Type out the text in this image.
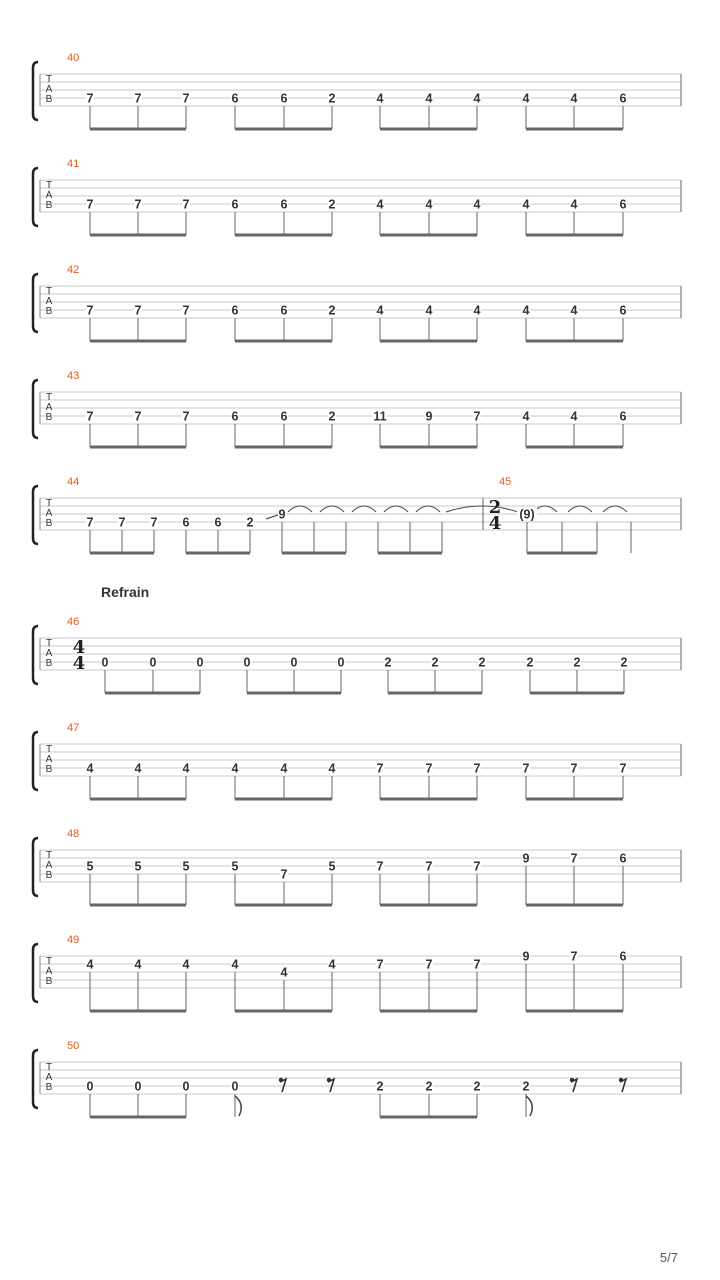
T
A
B
40
7	7	7	6	6	2	4	4	4	4	4	6
T
A
B
41
7	7	7	6	6	2	4	4	4	4	4	6
T
A
B
42
7	7	7	6	6	2	4	4	4	4	4	6
T
A
B
43
7	7	7	6	6	2	11	9	7	4	4	6
T
A
B
44	45
7 7 7 6 6 2
9	2
4 (9)
T
A
B
46
0	0	0	0	0	0	2	2	2	2	2	2
4
4
T
A
B
47
4	4	4	4	4	4	7	7	7	7	7	7
T
A
B
48
5	5	5	5
7
5	7	7	7
9	7	6
T
A
B
49
4	4	4	4
4
4	7	7	7
9	7	6
T
A
B
50
0	0	0	0	2	2	2	2
Refrain
5/7
